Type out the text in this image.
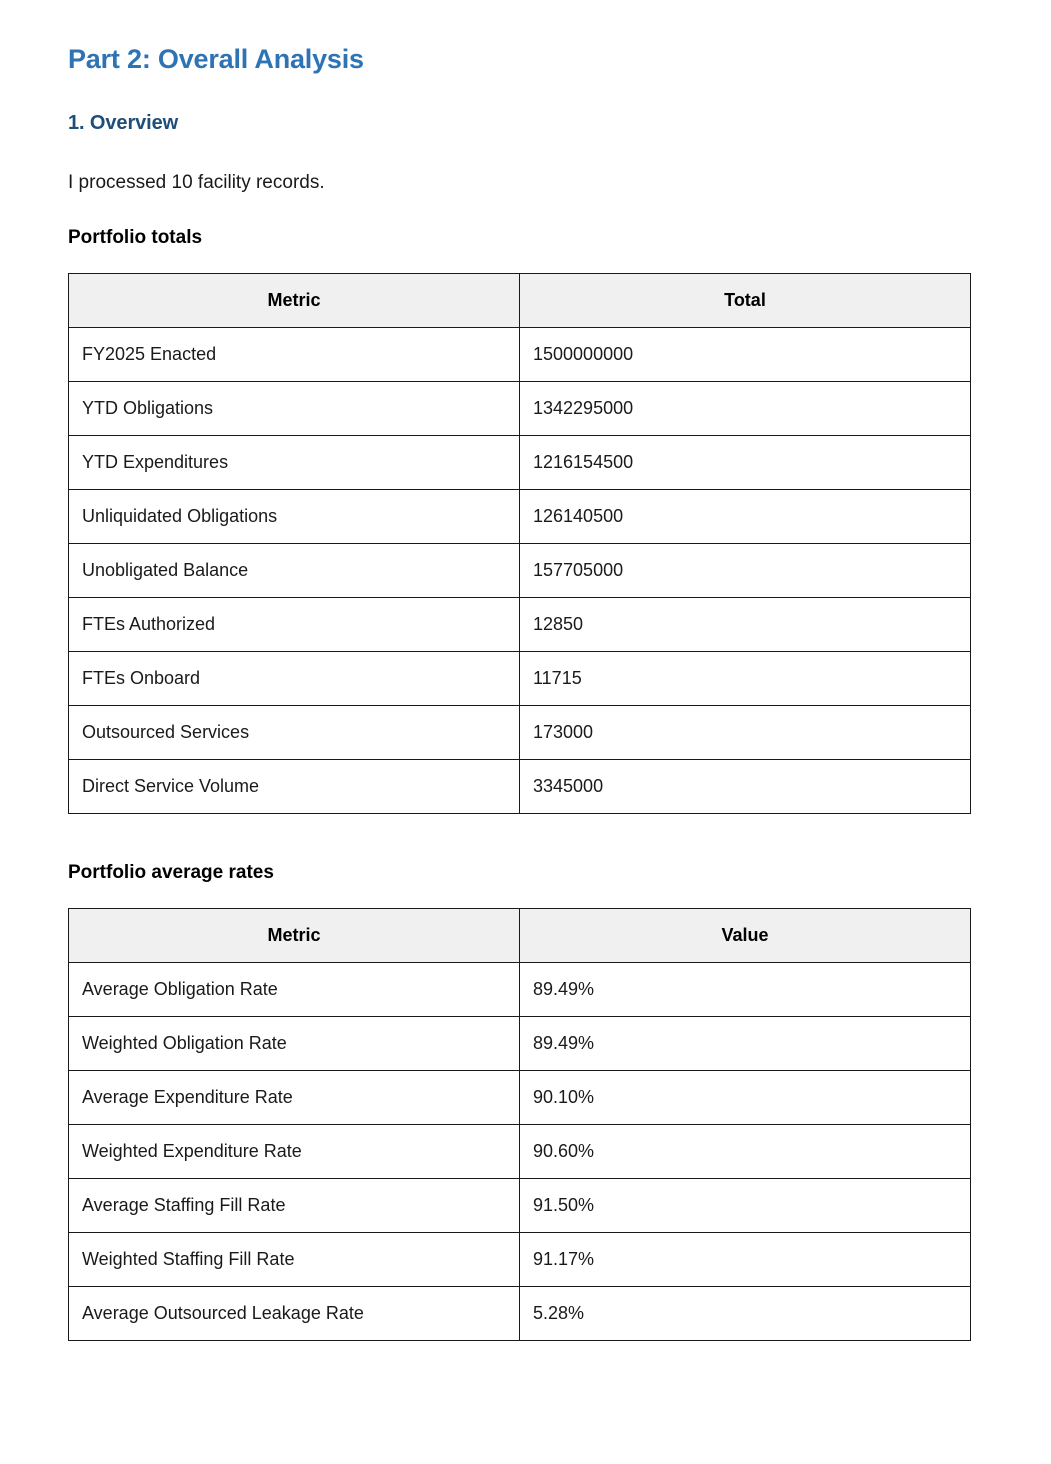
Part 2: Overall Analysis
1. Overview

I processed 10 facility records.

Portfolio totals
Metric	Total
FY2025 Enacted	1500000000
YTD Obligations	1342295000
YTD Expenditures	1216154500
Unliquidated Obligations	126140500
Unobligated Balance	157705000
FTEs Authorized	12850
FTEs Onboard	11715
Outsourced Services	173000
Direct Service Volume	3345000
Portfolio average rates
Metric	Value
Average Obligation Rate	89.49%
Weighted Obligation Rate	89.49%
Average Expenditure Rate	90.10%
Weighted Expenditure Rate	90.60%
Average Staffing Fill Rate	91.50%
Weighted Staffing Fill Rate	91.17%
Average Outsourced Leakage Rate	5.28%
